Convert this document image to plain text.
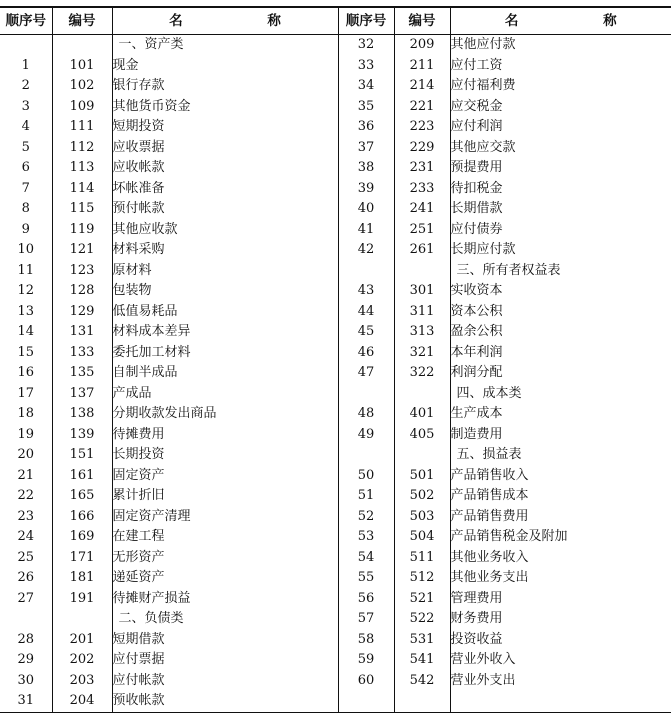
顺序号	编号	名 称	顺序号	编号	名 称
		一、资产类	32	209	其他应付款
1	101	现金	33	211	应付工资
2	102	银行存款	34	214	应付福利费
3	109	其他货币资金	35	221	应交税金
4	111	短期投资	36	223	应付利润
5	112	应收票据	37	229	其他应交款
6	113	应收帐款	38	231	预提费用
7	114	坏帐准备	39	233	待扣税金
8	115	预付帐款	40	241	长期借款
9	119	其他应收款	41	251	应付债券
10	121	材料采购	42	261	长期应付款
11	123	原材料			三、所有者权益表
12	128	包装物	43	301	实收资本
13	129	低值易耗品	44	311	资本公积
14	131	材料成本差异	45	313	盈余公积
15	133	委托加工材料	46	321	本年利润
16	135	自制半成品	47	322	利润分配
17	137	产成品			四、成本类
18	138	分期收款发出商品	48	401	生产成本
19	139	待摊费用	49	405	制造费用
20	151	长期投资			五、损益表
21	161	固定资产	50	501	产品销售收入
22	165	累计折旧	51	502	产品销售成本
23	166	固定资产清理	52	503	产品销售费用
24	169	在建工程	53	504	产品销售税金及附加
25	171	无形资产	54	511	其他业务收入
26	181	递延资产	55	512	其他业务支出
27	191	待摊财产损益	56	521	管理费用
		二、负债类	57	522	财务费用
28	201	短期借款	58	531	投资收益
29	202	应付票据	59	541	营业外收入
30	203	应付帐款	60	542	营业外支出
31	204	预收帐款			
